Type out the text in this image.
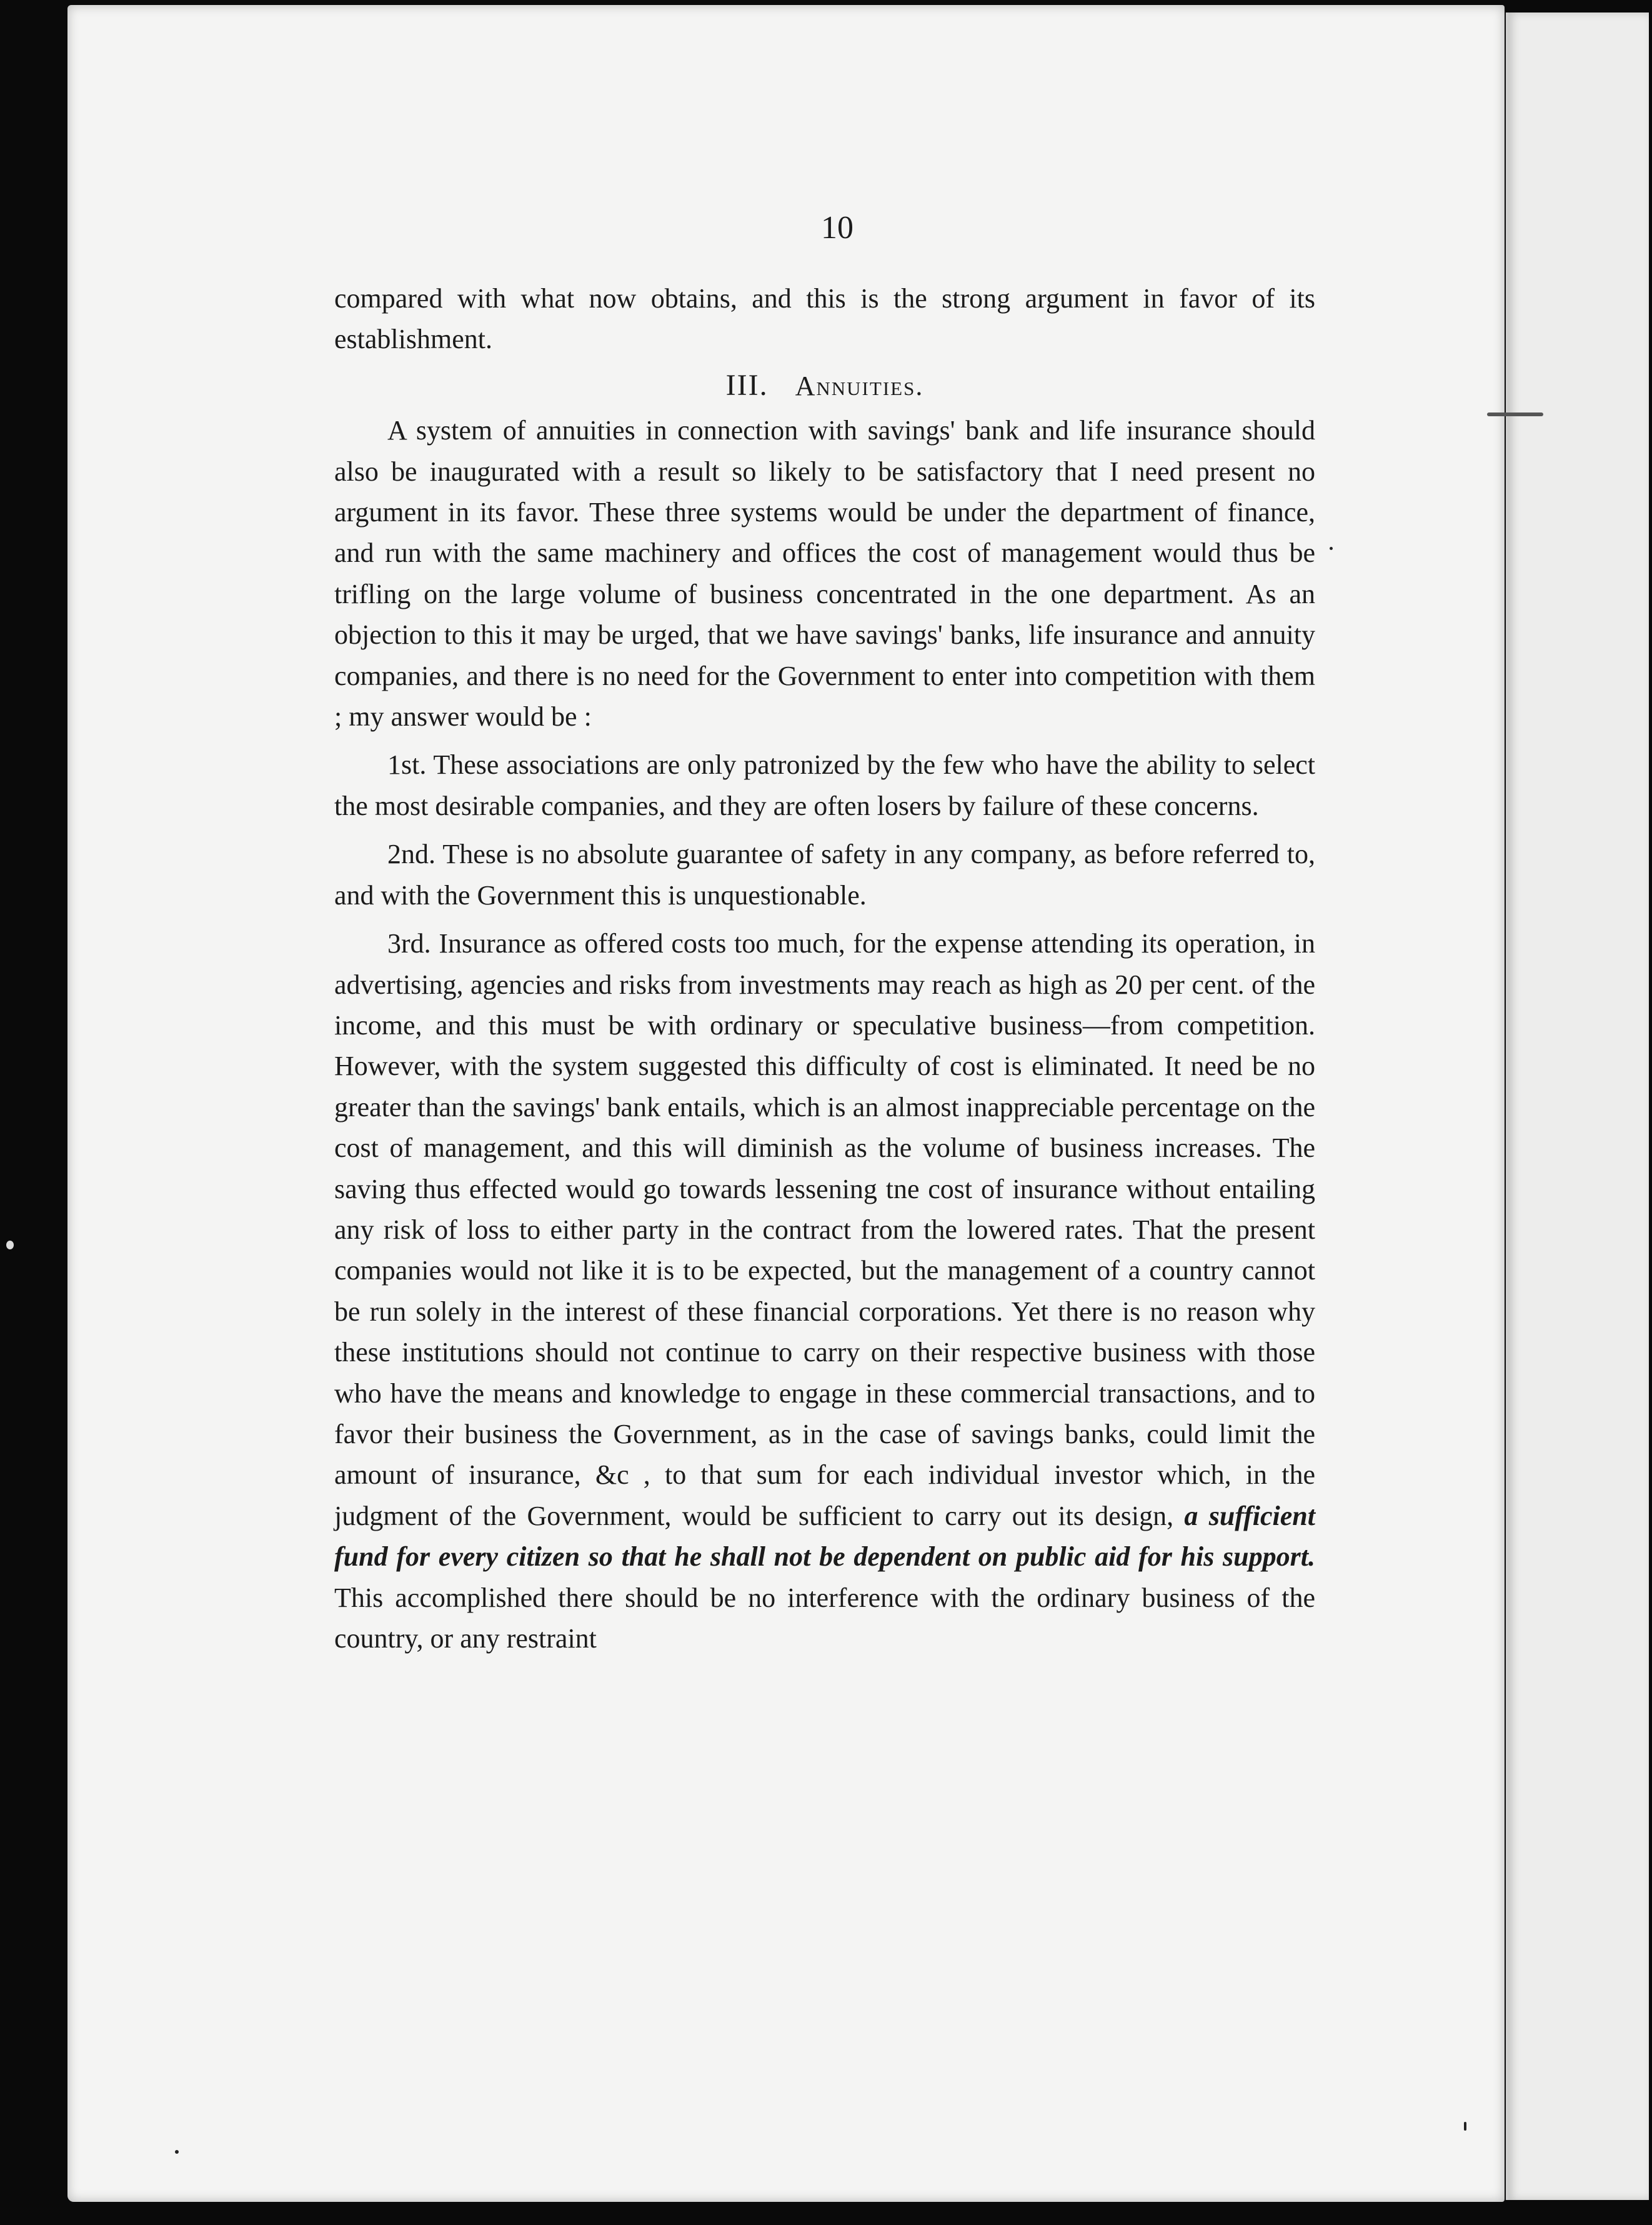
10

compared with what now obtains, and this is the strong argument in favor of its establishment.

III. Annuities.

A system of annuities in connection with savings' bank and life insurance should also be inaugurated with a result so likely to be satisfactory that I need present no argument in its favor. These three systems would be under the department of finance, and run with the same machinery and offices the cost of management would thus be trifling on the large volume of business concentrated in the one department. As an objection to this it may be urged, that we have savings' banks, life insurance and annuity companies, and there is no need for the Government to enter into competition with them ; my answer would be :

1st. These associations are only patronized by the few who have the ability to select the most desirable companies, and they are often losers by failure of these concerns.

2nd. These is no absolute guarantee of safety in any company, as before referred to, and with the Government this is unquestionable.

3rd. Insurance as offered costs too much, for the expense attending its operation, in advertising, agencies and risks from investments may reach as high as 20 per cent. of the income, and this must be with ordinary or speculative business—from competition. However, with the system suggested this difficulty of cost is eliminated. It need be no greater than the savings' bank entails, which is an almost inappreciable percentage on the cost of management, and this will diminish as the volume of business increases. The saving thus effected would go towards lessening tne cost of insurance without entailing any risk of loss to either party in the contract from the lowered rates. That the present companies would not like it is to be expected, but the management of a country cannot be run solely in the interest of these financial corporations. Yet there is no reason why these institutions should not continue to carry on their respective business with those who have the means and knowledge to engage in these commercial transactions, and to favor their business the Government, as in the case of savings banks, could limit the amount of insurance, &c , to that sum for each individual investor which, in the judgment of the Government, would be sufficient to carry out its design, a sufficient fund for every citizen so that he shall not be dependent on public aid for his support. This accomplished there should be no interference with the ordinary business of the country, or any restraint
